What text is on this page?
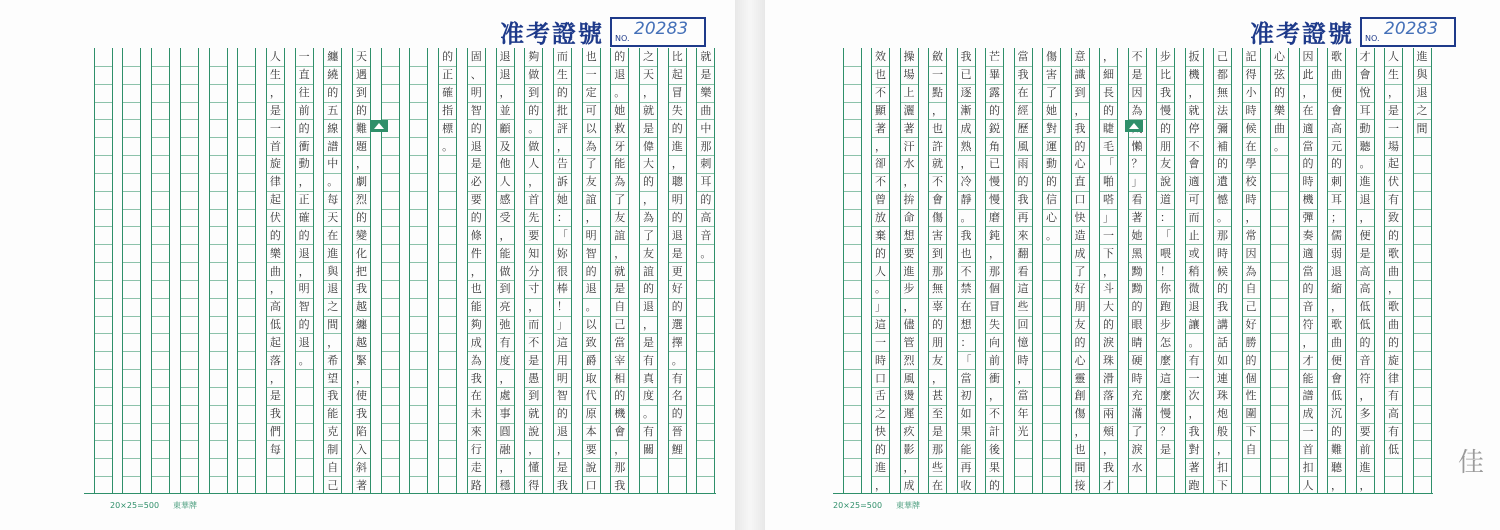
准考證號 NO. 20283
就
是
樂
曲
中
那
刺
耳
的
高
音
。
比
起
冒
失
的
進
，
聰
明
的
退
是
更
好
的
選
擇
。
有
名
的
晉
鯉
之
天
，
就
是
偉
大
的
，
為
了
友
誼
的
退
，
是
有
真
度
。
有
關
的
退
。
她
救
牙
能
為
了
友
誼
，
就
是
自
己
當
宰
相
的
機
會
，
那
我
也
一
定
可
以
為
了
友
誼
，
明
智
的
退
。
以
致
爵
取
代
原
本
要
說
口
而
生
的
批
評
，
告
訴
她
：
「
妳
很
棒
！
」
這
用
明
智
的
退
，
是
我
夠
做
到
的
。
做
人
，
首
先
要
知
分
寸
，
而
不
是
愚
到
就
說
，
懂
得
退
退
，
並
顧
及
他
人
感
受
，
能
做
到
亮
弛
有
度
，
處
事
圓
融
，
穩
固
、
明
智
的
退
是
必
要
的
條
件
，
也
能
夠
成
為
我
在
未
來
行
走
路
的
正
確
指
標
。
天
遇
到
的
難
題
，
劇
烈
的
變
化
把
我
越
纏
越
緊
，
使
我
陷
入
斜
著
纏
繞
的
五
線
譜
中
。
每
天
在
進
與
退
之
間
，
希
望
我
能
克
制
自
己
一
直
往
前
的
衝
動
，
正
確
的
退
，
明
智
的
退
。
人
生
，
是
一
首
旋
律
起
伏
的
樂
曲
，
高
低
起
落
，
是
我
們
每
20×25=500 東華牌
准考證號 NO. 20283
進
與
退
之
間
人
生
，
是
一
場
起
伏
有
致
的
歌
曲
，
歌
曲
的
旋
律
有
高
有
低
才
會
悅
耳
動
聽
。
進
退
，
便
是
高
高
低
低
的
音
符
，
多
要
前
進
，
歌
曲
便
會
高
元
的
刺
耳
；
儒
弱
退
縮
，
歌
曲
便
會
低
沉
的
難
聽
，
因
此
，
在
適
當
的
時
機
彈
奏
適
當
的
音
符
，
才
能
譜
成
一
首
扣
人
心
弦
的
樂
曲
。
記
得
小
時
候
在
學
校
時
，
常
因
為
自
己
好
勝
的
個
性
圍
下
自
己
都
無
法
彌
補
的
遺
憾
。
那
時
候
的
我
講
話
如
連
珠
炮
般
，
扣
下
扳
機
，
就
停
不
會
適
可
而
止
或
稍
微
退
讓
。
有
一
次
，
我
對
著
跑
步
比
我
慢
的
朋
友
說
道
：
「
喂
！
你
跑
步
怎
麼
這
麼
慢
？
是
不
是
因
為
懶
？
」
看
著
她
黑
黝
黝
的
眼
睛
硬
時
充
滿
了
淚
水
，
細
長
的
睫
毛
「
啪
嗒
」
一
下
，
斗
大
的
淚
珠
滑
落
兩
頰
，
我
才
意
識
到
，
我
的
心
直
口
快
造
成
了
好
朋
友
的
心
靈
創
傷
，
也
間
接
傷
害
了
她
對
運
動
的
信
心
。
當
我
在
經
歷
風
雨
的
我
再
來
翻
看
這
些
回
憶
時
，
當
年
光
芒
畢
露
的
鋭
角
已
慢
慢
磨
鈍
，
那
個
冒
失
向
前
衝
，
不
計
後
果
的
我
已
逐
漸
成
熟
，
冷
靜
。
我
也
不
禁
在
想
：
「
當
初
如
果
能
再
收
斂
一
點
，
也
許
就
不
會
傷
害
到
那
無
辜
的
朋
友
，
甚
至
是
那
些
在
操
場
上
灑
著
汗
水
，
拚
命
想
要
進
步
，
儘
管
烈
風
燙
遲
疚
影
，
成
效
也
不
顯
著
，
卻
不
曾
放
棄
的
人
。
」
這
一
時
口
舌
之
快
的
進
，
20×25=500 東華牌
佳
